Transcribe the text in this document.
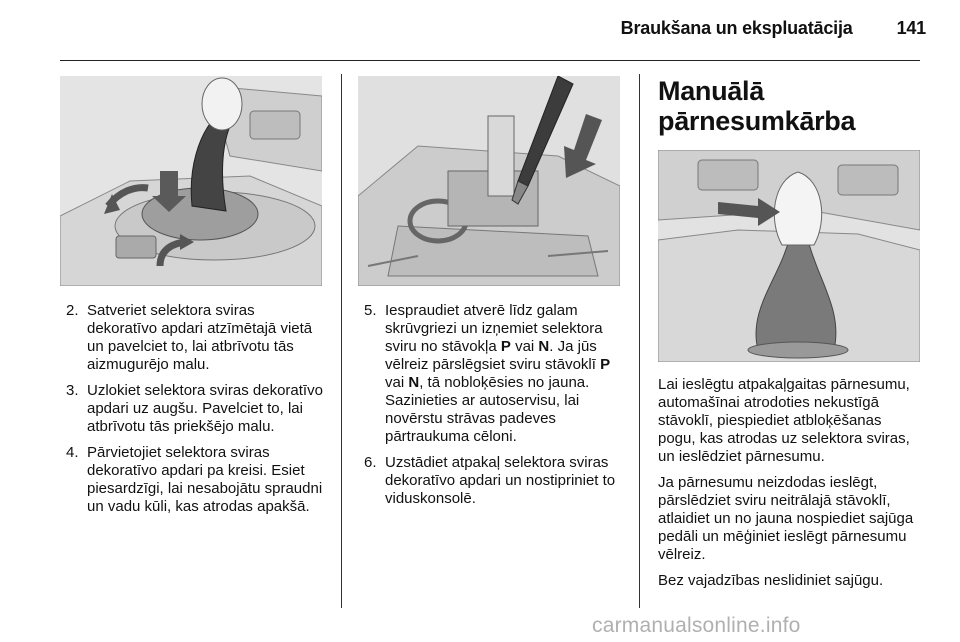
Braukšana un ekspluatācija 141
2. Satveriet selektora sviras dekoratīvo apdari atzīmētajā vietā un pavelciet to, lai atbrīvotu tās aizmugurējo malu.
3. Uzlokiet selektora sviras dekoratīvo apdari uz augšu. Pavelciet to, lai atbrīvotu tās priekšējo malu.
4. Pārvietojiet selektora sviras dekoratīvo apdari pa kreisi. Esiet piesardzīgi, lai nesabojātu spraudni un vadu kūli, kas atrodas apakšā.
5. Iespraudiet atverē līdz galam skrūvgriezi un izņemiet selektora sviru no stāvokļa P vai N. Ja jūs vēlreiz pārslēgsiet sviru stāvoklī P vai N, tā nobloķēsies no jauna. Sazinieties ar autoservisu, lai novērstu strāvas padeves pārtraukuma cēloni.
6. Uzstādiet atpakaļ selektora sviras dekoratīvo apdari un nostipriniet to viduskonsolē.
Manuālā pārnesumkārba

Lai ieslēgtu atpakaļgaitas pārnesumu, automašīnai atrodoties nekustīgā stāvoklī, piespiediet atbloķēšanas pogu, kas atrodas uz selektora sviras, un ieslēdziet pārnesumu.

Ja pārnesumu neizdodas ieslēgt, pārslēdziet sviru neitrālajā stāvoklī, atlaidiet un no jauna nospiediet sajūga pedāli un mēģiniet ieslēgt pārnesumu vēlreiz.

Bez vajadzības neslidiniet sajūgu.

carmanualsonline.info
